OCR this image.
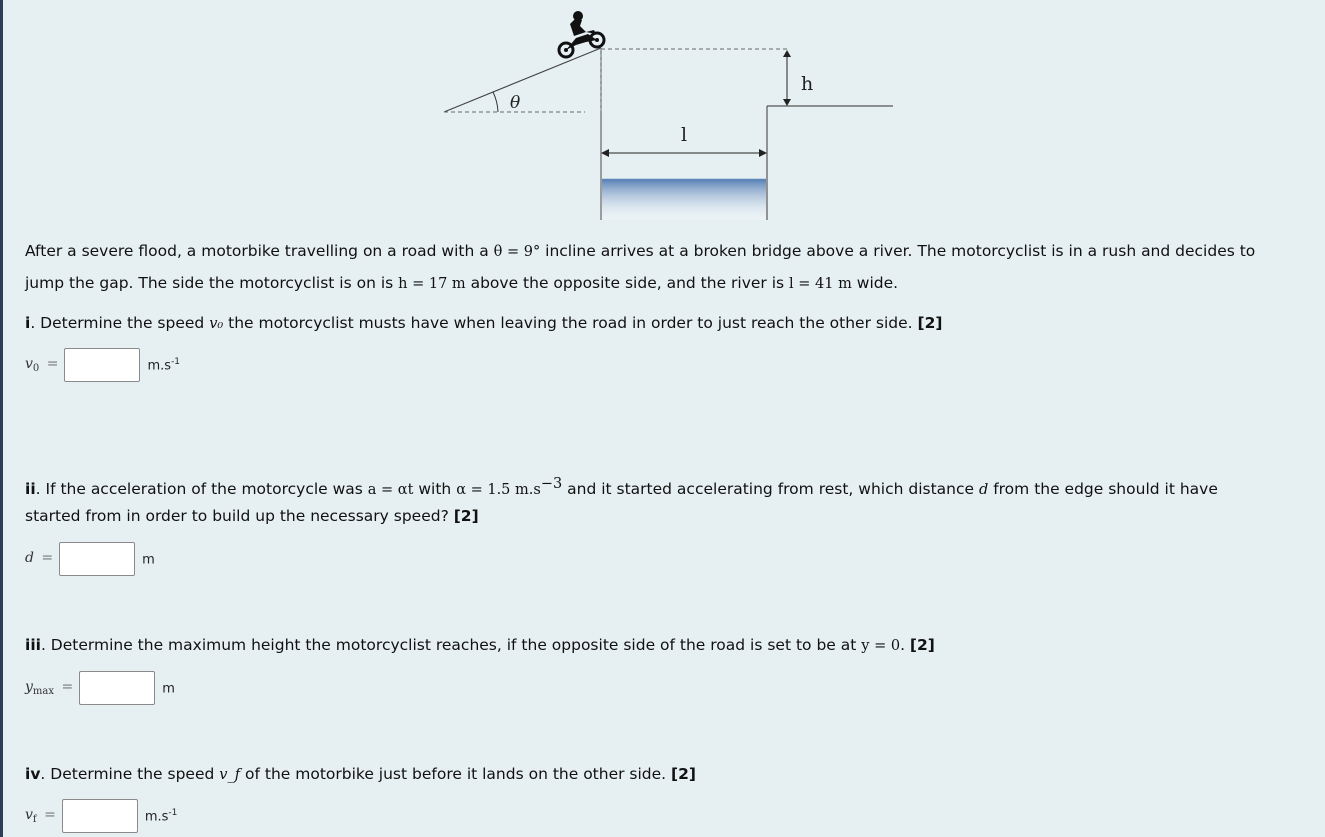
θ
h
l
After a severe flood, a motorbike travelling on a road with a θ = 9° incline arrives at a broken bridge above a river. The motorcyclist is in a rush and decides to
jump the gap. The side the motorcyclist is on is h = 17 m above the opposite side, and the river is l = 41 m wide.
i. Determine the speed v₀ the motorcyclist musts have when leaving the road in order to just reach the other side. [2]
$v_0$ =	$m.s^{-1}$
ii. If the acceleration of the motorcycle was a = αt with α = 1.5 $m.s^{-3}$ and it started accelerating from rest, which distance d from the edge should it have
started from in order to build up the necessary speed? [2]
d =	m
iii. Determine the maximum height the motorcyclist reaches, if the opposite side of the road is set to be at y = 0. [2]
$y_{max}$ =	m
iv. Determine the speed v_f of the motorbike just before it lands on the other side. [2]
$v_f$ =	$m.s^{-1}$
